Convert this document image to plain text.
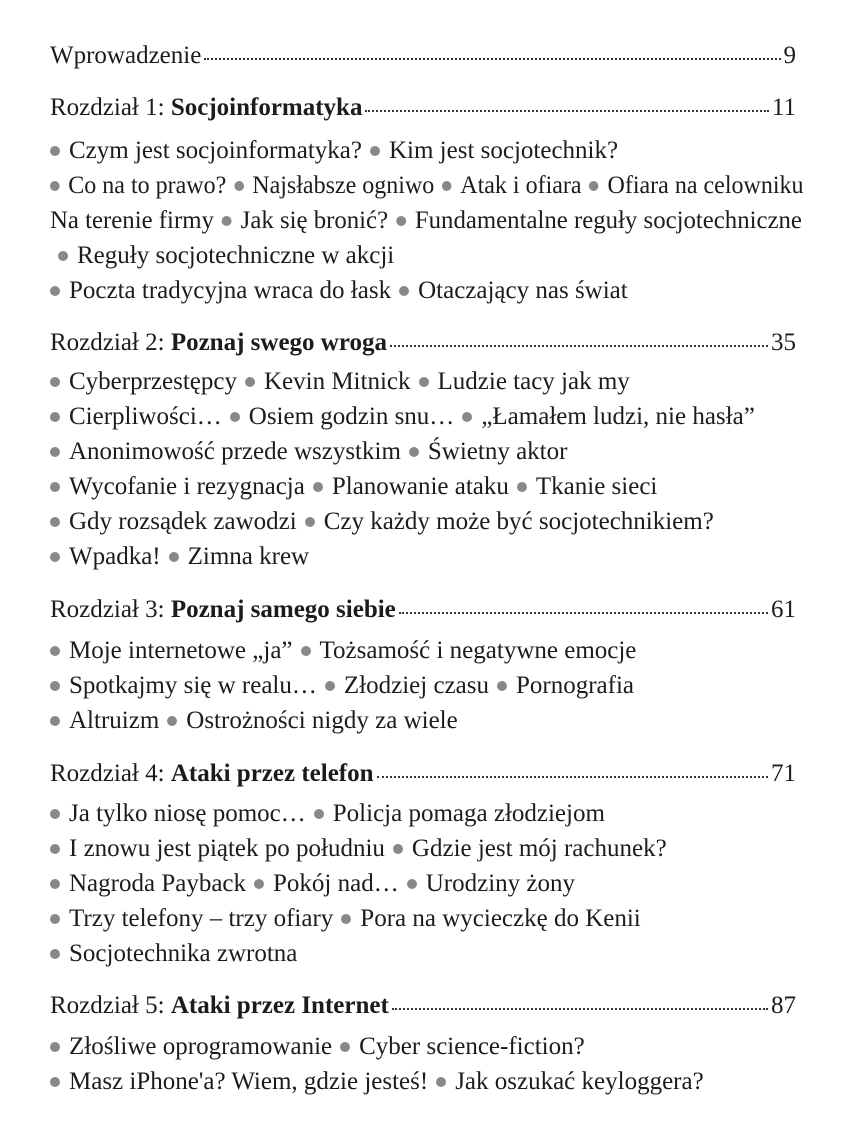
Wprowadzenie	9
Rozdział 1: Socjoinformatyka	11
Czym jest socjoinformatyka? Kim jest socjotechnik?
Co na to prawo? Najsłabsze ogniwo Atak i ofiara Ofiara na celowniku
Na terenie firmy Jak się bronić? Fundamentalne reguły socjotechniczne
Reguły socjotechniczne w akcji
Poczta tradycyjna wraca do łask Otaczający nas świat
Rozdział 2: Poznaj swego wroga	35
Cyberprzestępcy Kevin Mitnick Ludzie tacy jak my
Cierpliwości… Osiem godzin snu… „Łamałem ludzi, nie hasła”
Anonimowość przede wszystkim Świetny aktor
Wycofanie i rezygnacja Planowanie ataku Tkanie sieci
Gdy rozsądek zawodzi Czy każdy może być socjotechnikiem?
Wpadka! Zimna krew
Rozdział 3: Poznaj samego siebie	61
Moje internetowe „ja” Tożsamość i negatywne emocje
Spotkajmy się w realu… Złodziej czasu Pornografia
Altruizm Ostrożności nigdy za wiele
Rozdział 4: Ataki przez telefon	71
Ja tylko niosę pomoc… Policja pomaga złodziejom
I znowu jest piątek po południu Gdzie jest mój rachunek?
Nagroda Payback Pokój nad… Urodziny żony
Trzy telefony – trzy ofiary Pora na wycieczkę do Kenii
Socjotechnika zwrotna
Rozdział 5: Ataki przez Internet	87
Złośliwe oprogramowanie Cyber science-fiction?
Masz iPhone'a? Wiem, gdzie jesteś! Jak oszukać keyloggera?
